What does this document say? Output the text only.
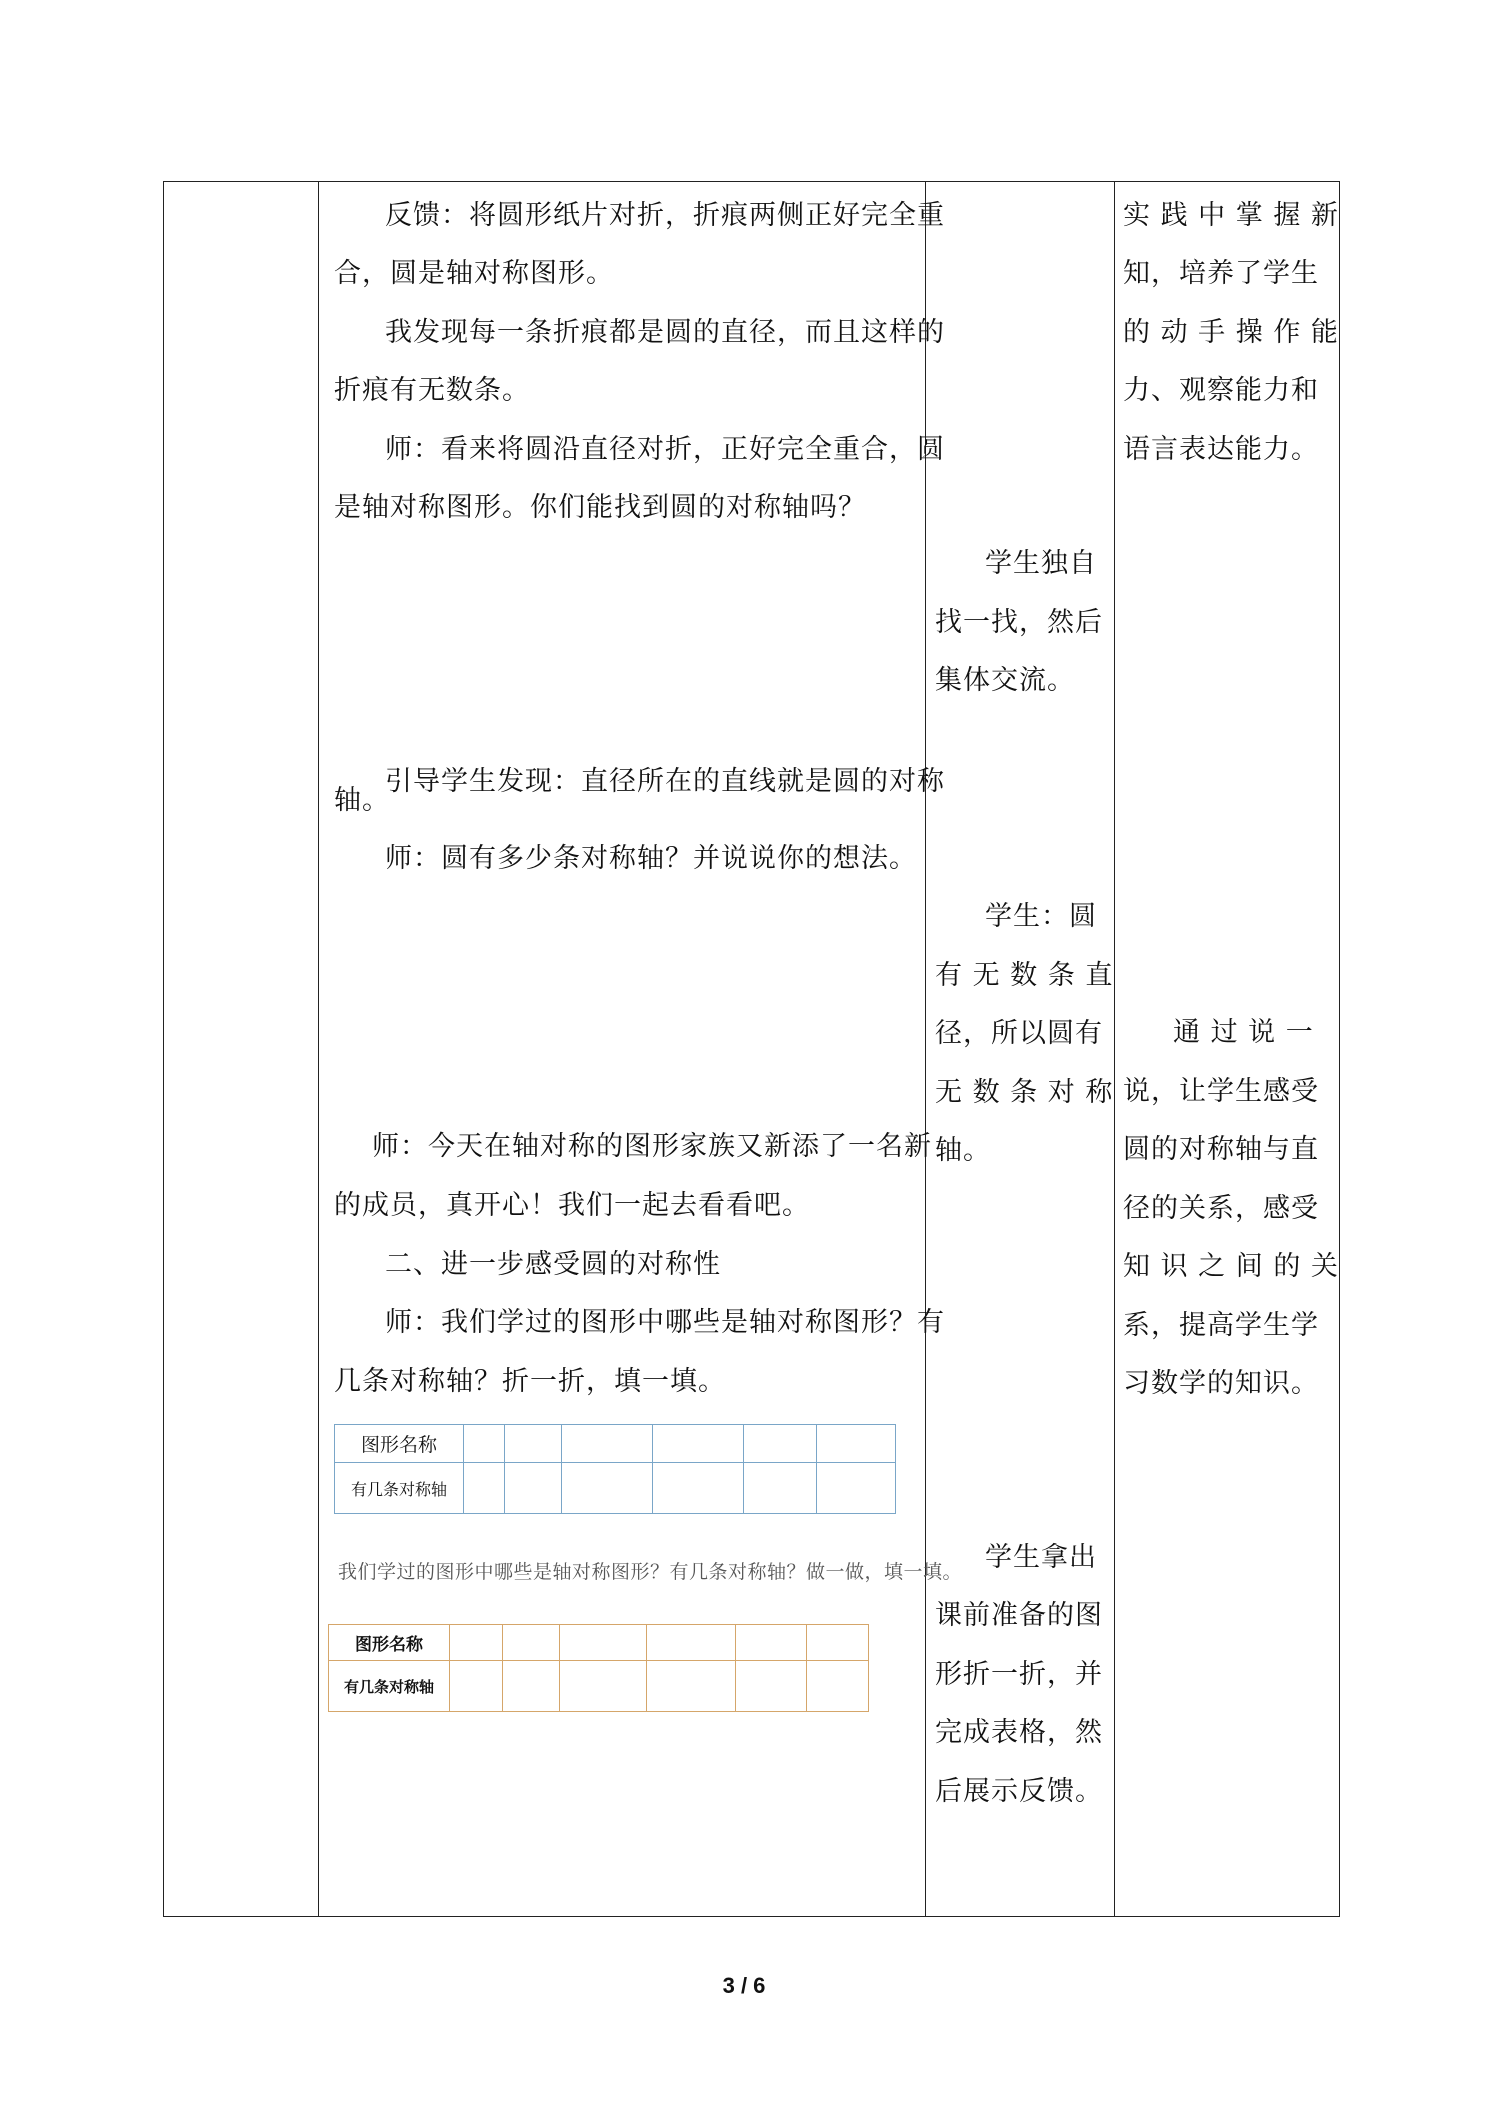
反馈：将圆形纸片对折，折痕两侧正好完全重
合，圆是轴对称图形。
我发现每一条折痕都是圆的直径，而且这样的
折痕有无数条。
师：看来将圆沿直径对折，正好完全重合，圆
是轴对称图形。你们能找到圆的对称轴吗？
引导学生发现：直径所在的直线就是圆的对称
轴。
师：圆有多少条对称轴？并说说你的想法。
师：今天在轴对称的图形家族又新添了一名新
的成员，真开心！我们一起去看看吧。
二、进一步感受圆的对称性
师：我们学过的图形中哪些是轴对称图形？有
几条对称轴？折一折，填一填。
图形名称						
有几条对称轴						
我们学过的图形中哪些是轴对称图形？有几条对称轴？做一做，填一填。
图形名称						
有几条对称轴						
学生独自
找一找，然后
集体交流。
学生：圆
有 无 数 条 直
径，所以圆有
无 数 条 对 称
轴。
学生拿出
课前准备的图
形折一折，并
完成表格，然
后展示反馈。
实 践 中 掌 握 新
知，培养了学生
的 动 手 操 作 能
力、观察能力和
语言表达能力。
通 过 说 一
说，让学生感受
圆的对称轴与直
径的关系，感受
知 识 之 间 的 关
系，提高学生学
习数学的知识。
3 / 6
